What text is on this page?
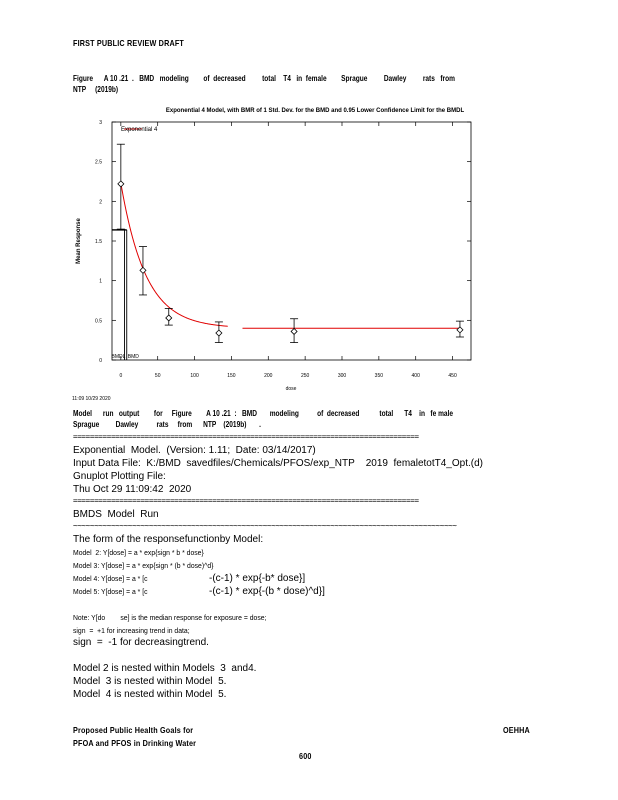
FIRST PUBLIC REVIEW DRAFT
Figure      A 10 .21  .   BMD   modeling        of  decreased         total    T4   in  female        Sprague         Dawley         rats   from
NTP     (2019b)
Exponential 4 Model, with BMR of 1 Std. Dev. for the BMD and 0.95 Lower Confidence Limit for the BMDL
0
0.5
1
1.5
2
2.5
3
0	50	100	150	200	250	300	350	400	450
BMDL BMD
Exponential 4
Mean Response
dose
11:09 10/29 2020
Model      run   output        for     Figure        A 10 .21  :   BMD       modeling          of  decreased           total      T4    in   fe male
Sprague         Dawley          rats     from      NTP    (2019b)       .
==================================================================================
Exponential  Model.  (Version: 1.11;  Date: 03/14/2017)
Input Data File:  K:/BMD  savedfiles/Chemicals/PFOS/exp_NTP    2019  femaletotT4_Opt.(d)
Gnuplot Plotting File:
Thu Oct 29 11:09:42  2020
==================================================================================
BMDS  Model  Run
~~~~~~~~~~~~~~~~~~~~~~~~~~~~~~~~~~~~~~~~~~~~~~~~~~~~~~~~~~~~~~~~~~~~~~~~~~~~~~~~~~~~~~~~~~~
The form of the responsefunctionby Model:
Model  2: Y[dose] = a * exp{sign * b * dose}
Model 3: Y[dose] = a * exp{sign * (b * dose)^d}
Model 4: Y[dose] = a * [c	-(c-1) * exp{-b* dose}]
Model 5: Y[dose] = a * [c	-(c-1) * exp{-(b * dose)^d}]
Note: Y[do        se] is the median response for exposure = dose;
sign  =  +1 for increasing trend in data;
sign  =  -1 for decreasingtrend.
Model 2 is nested within Models  3  and4.
Model  3 is nested within Model  5.
Model  4 is nested within Model  5.
Proposed Public Health Goals for
PFOA and PFOS in Drinking Water
OEHHA
600
